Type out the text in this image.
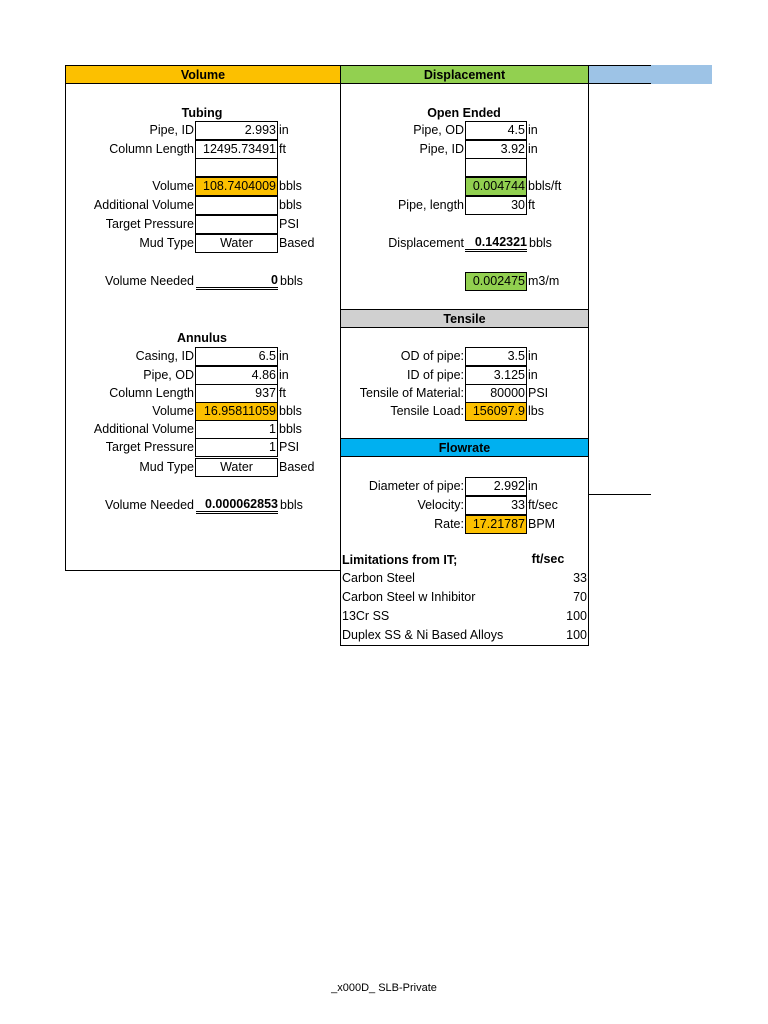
Volume	Displacement
Tubing
Pipe, ID	2.993 in
Column Length 12495.73491 ft
Volume 108.7404009 bbls
Additional Volume	bbls
Target Pressure	PSI
Mud Type	Water	Based
Volume Needed	0 bbls
Annulus
Casing, ID	6.5 in
Pipe, OD	4.86 in
Column Length	937 ft
Volume 16.95811059 bbls
Additional Volume	1 bbls
Target Pressure	1 PSI
Mud Type	Water	Based
Volume Needed 0.000062853 bbls
Open Ended
Pipe, OD	4.5 in
Pipe, ID	3.92 in
0.004744 bbls/ft
Pipe, length	30 ft
Displacement 0.142321 bbls
0.002475 m3/m
Tensile
OD of pipe:	3.5 in
ID of pipe:	3.125 in
Tensile of Material:	80000 PSI
Tensile Load: 156097.9 lbs
Flowrate
Diameter of pipe:	2.992 in
Velocity:	33 ft/sec
Rate: 17.21787 BPM
Limitations from IT;	ft/sec
Carbon Steel	33
Carbon Steel w Inhibitor	70
13Cr SS	100
Duplex SS & Ni Based Alloys	100
_x000D_ SLB-Private
